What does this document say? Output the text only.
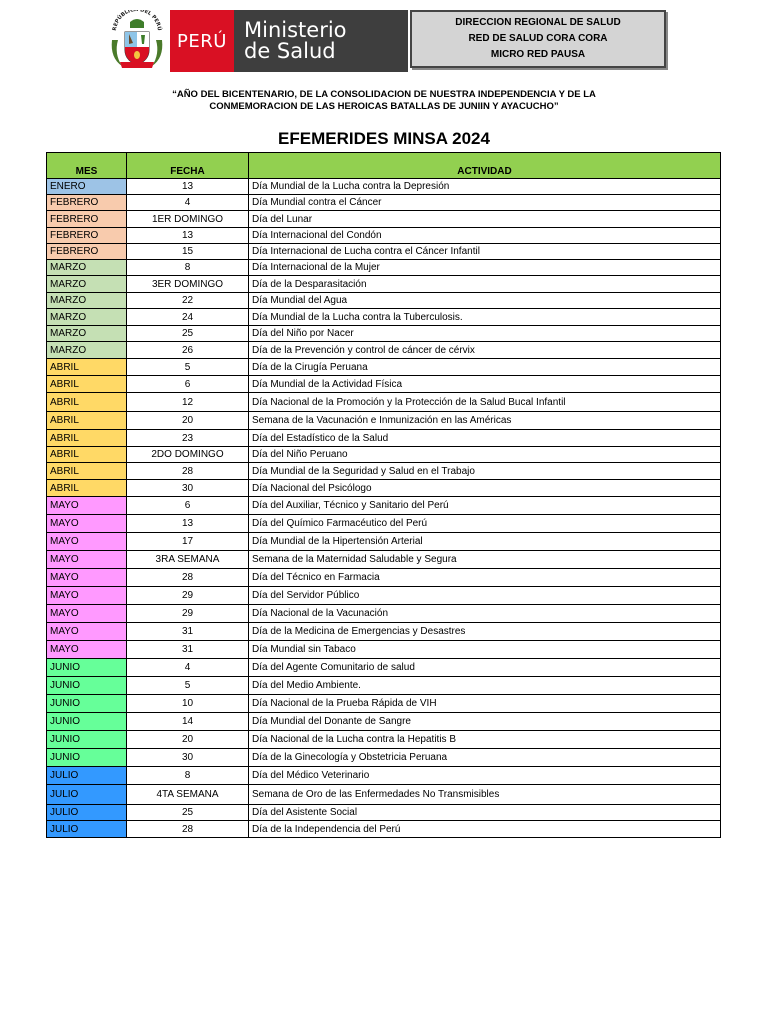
REPÚBLICA DEL PERÚ
PERÚ Ministerio
de Salud
DIRECCION REGIONAL DE SALUD
RED DE SALUD CORA CORA
MICRO RED PAUSA
“AÑO DEL BICENTENARIO, DE LA CONSOLIDACION DE NUESTRA INDEPENDENCIA Y DE LA
CONMEMORACION DE LAS HEROICAS BATALLAS DE JUNIIN Y AYACUCHO”
EFEMERIDES MINSA 2024
MES	FECHA	ACTIVIDAD
ENERO	13	Día Mundial de la Lucha contra la Depresión
FEBRERO	4	Día Mundial contra el Cáncer
FEBRERO	1ER DOMINGO	Día del Lunar
FEBRERO	13	Día Internacional del Condón
FEBRERO	15	Día Internacional de Lucha contra el Cáncer Infantil
MARZO	8	Día Internacional de la Mujer
MARZO	3ER DOMINGO	Día de la Desparasitación
MARZO	22	Día Mundial del Agua
MARZO	24	Día Mundial de la Lucha contra la Tuberculosis.
MARZO	25	Día del Niño por Nacer
MARZO	26	Día de la Prevención y control de cáncer de cérvix
ABRIL	5	Día de la Cirugía Peruana
ABRIL	6	Día Mundial de la Actividad Física
ABRIL	12	Día Nacional de la Promoción y la Protección de la Salud Bucal Infantil
ABRIL	20	Semana de la Vacunación e Inmunización en las Américas
ABRIL	23	Día del Estadístico de la Salud
ABRIL	2DO DOMINGO	Día del Niño Peruano
ABRIL	28	Día Mundial de la Seguridad y Salud en el Trabajo
ABRIL	30	Día Nacional del Psicólogo
MAYO	6	Día del Auxiliar, Técnico y Sanitario del Perú
MAYO	13	Día del Químico Farmacéutico del Perú
MAYO	17	Día Mundial de la Hipertensión Arterial
MAYO	3RA SEMANA	Semana de la Maternidad Saludable y Segura
MAYO	28	Día del Técnico en Farmacia
MAYO	29	Día del Servidor Público
MAYO	29	Día Nacional de la Vacunación
MAYO	31	Día de la Medicina de Emergencias y Desastres
MAYO	31	Día Mundial sin Tabaco
JUNIO	4	Día del Agente Comunitario de salud
JUNIO	5	Día del Medio Ambiente.
JUNIO	10	Día Nacional de la Prueba Rápida de VIH
JUNIO	14	Día Mundial del Donante de Sangre
JUNIO	20	Día Nacional de la Lucha contra la Hepatitis B
JUNIO	30	Día de la Ginecología y Obstetricia Peruana
JULIO	8	Día del Médico Veterinario
JULIO	4TA SEMANA	Semana de Oro de las Enfermedades No Transmisibles
JULIO	25	Día del Asistente Social
JULIO	28	Día de la Independencia del Perú
